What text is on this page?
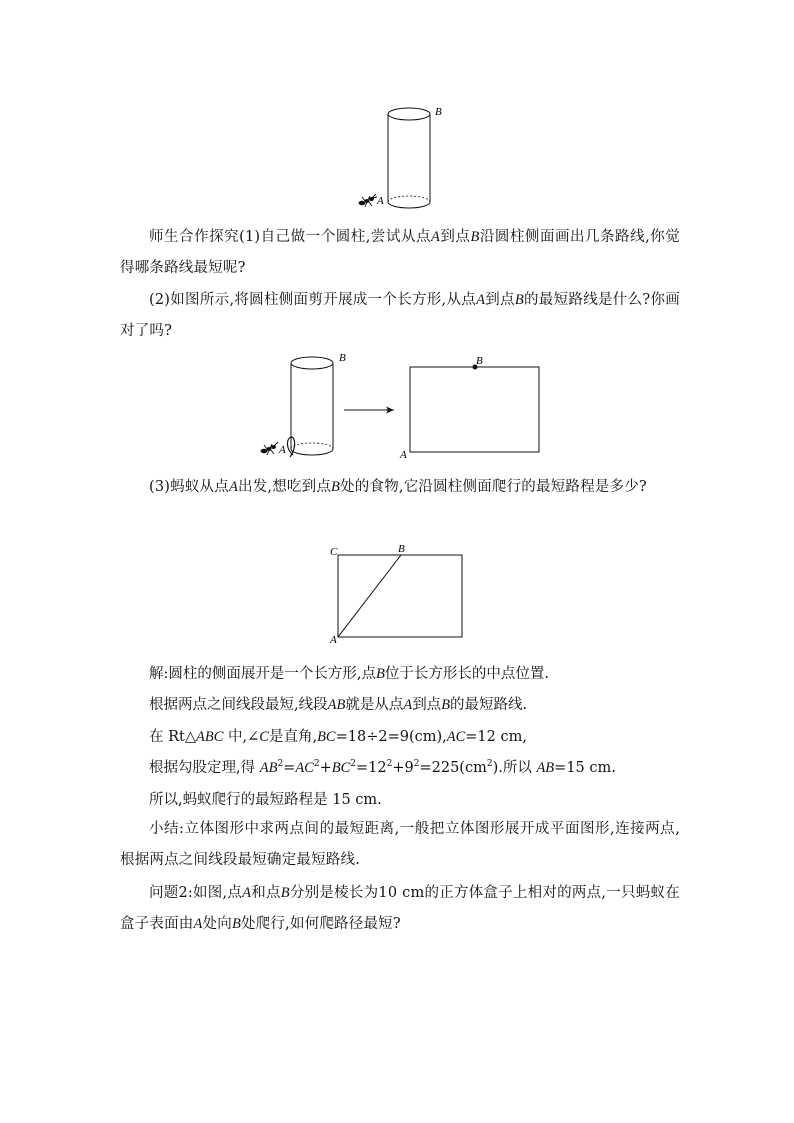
A
B
师生合作探究(1)自己做一个圆柱,尝试从点A到点B沿圆柱侧面画出几条路线,你觉得哪条路线最短呢?
(2)如图所示,将圆柱侧面剪开展成一个长方形,从点A到点B的最短路线是什么?你画对了吗?
A
B	B
A
(3)蚂蚁从点A出发,想吃到点B处的食物,它沿圆柱侧面爬行的最短路程是多少?
C	B
A
解:圆柱的侧面展开是一个长方形,点B位于长方形长的中点位置.
根据两点之间线段最短,线段AB就是从点A到点B的最短路线.
在 Rt△ABC 中,∠C是直角,BC=18÷2=9(cm),AC=12 cm,
根据勾股定理,得 $AB^2=AC^2+BC^2=12^2+9^2=225(cm^2)$.所以 AB=15 cm.
所以,蚂蚁爬行的最短路程是 15 cm.
小结:立体图形中求两点间的最短距离,一般把立体图形展开成平面图形,连接两点,根据两点之间线段最短确定最短路线.
问题2:如图,点A和点B分别是棱长为10 cm的正方体盒子上相对的两点,一只蚂蚁在盒子表面由A处向B处爬行,如何爬路径最短?
